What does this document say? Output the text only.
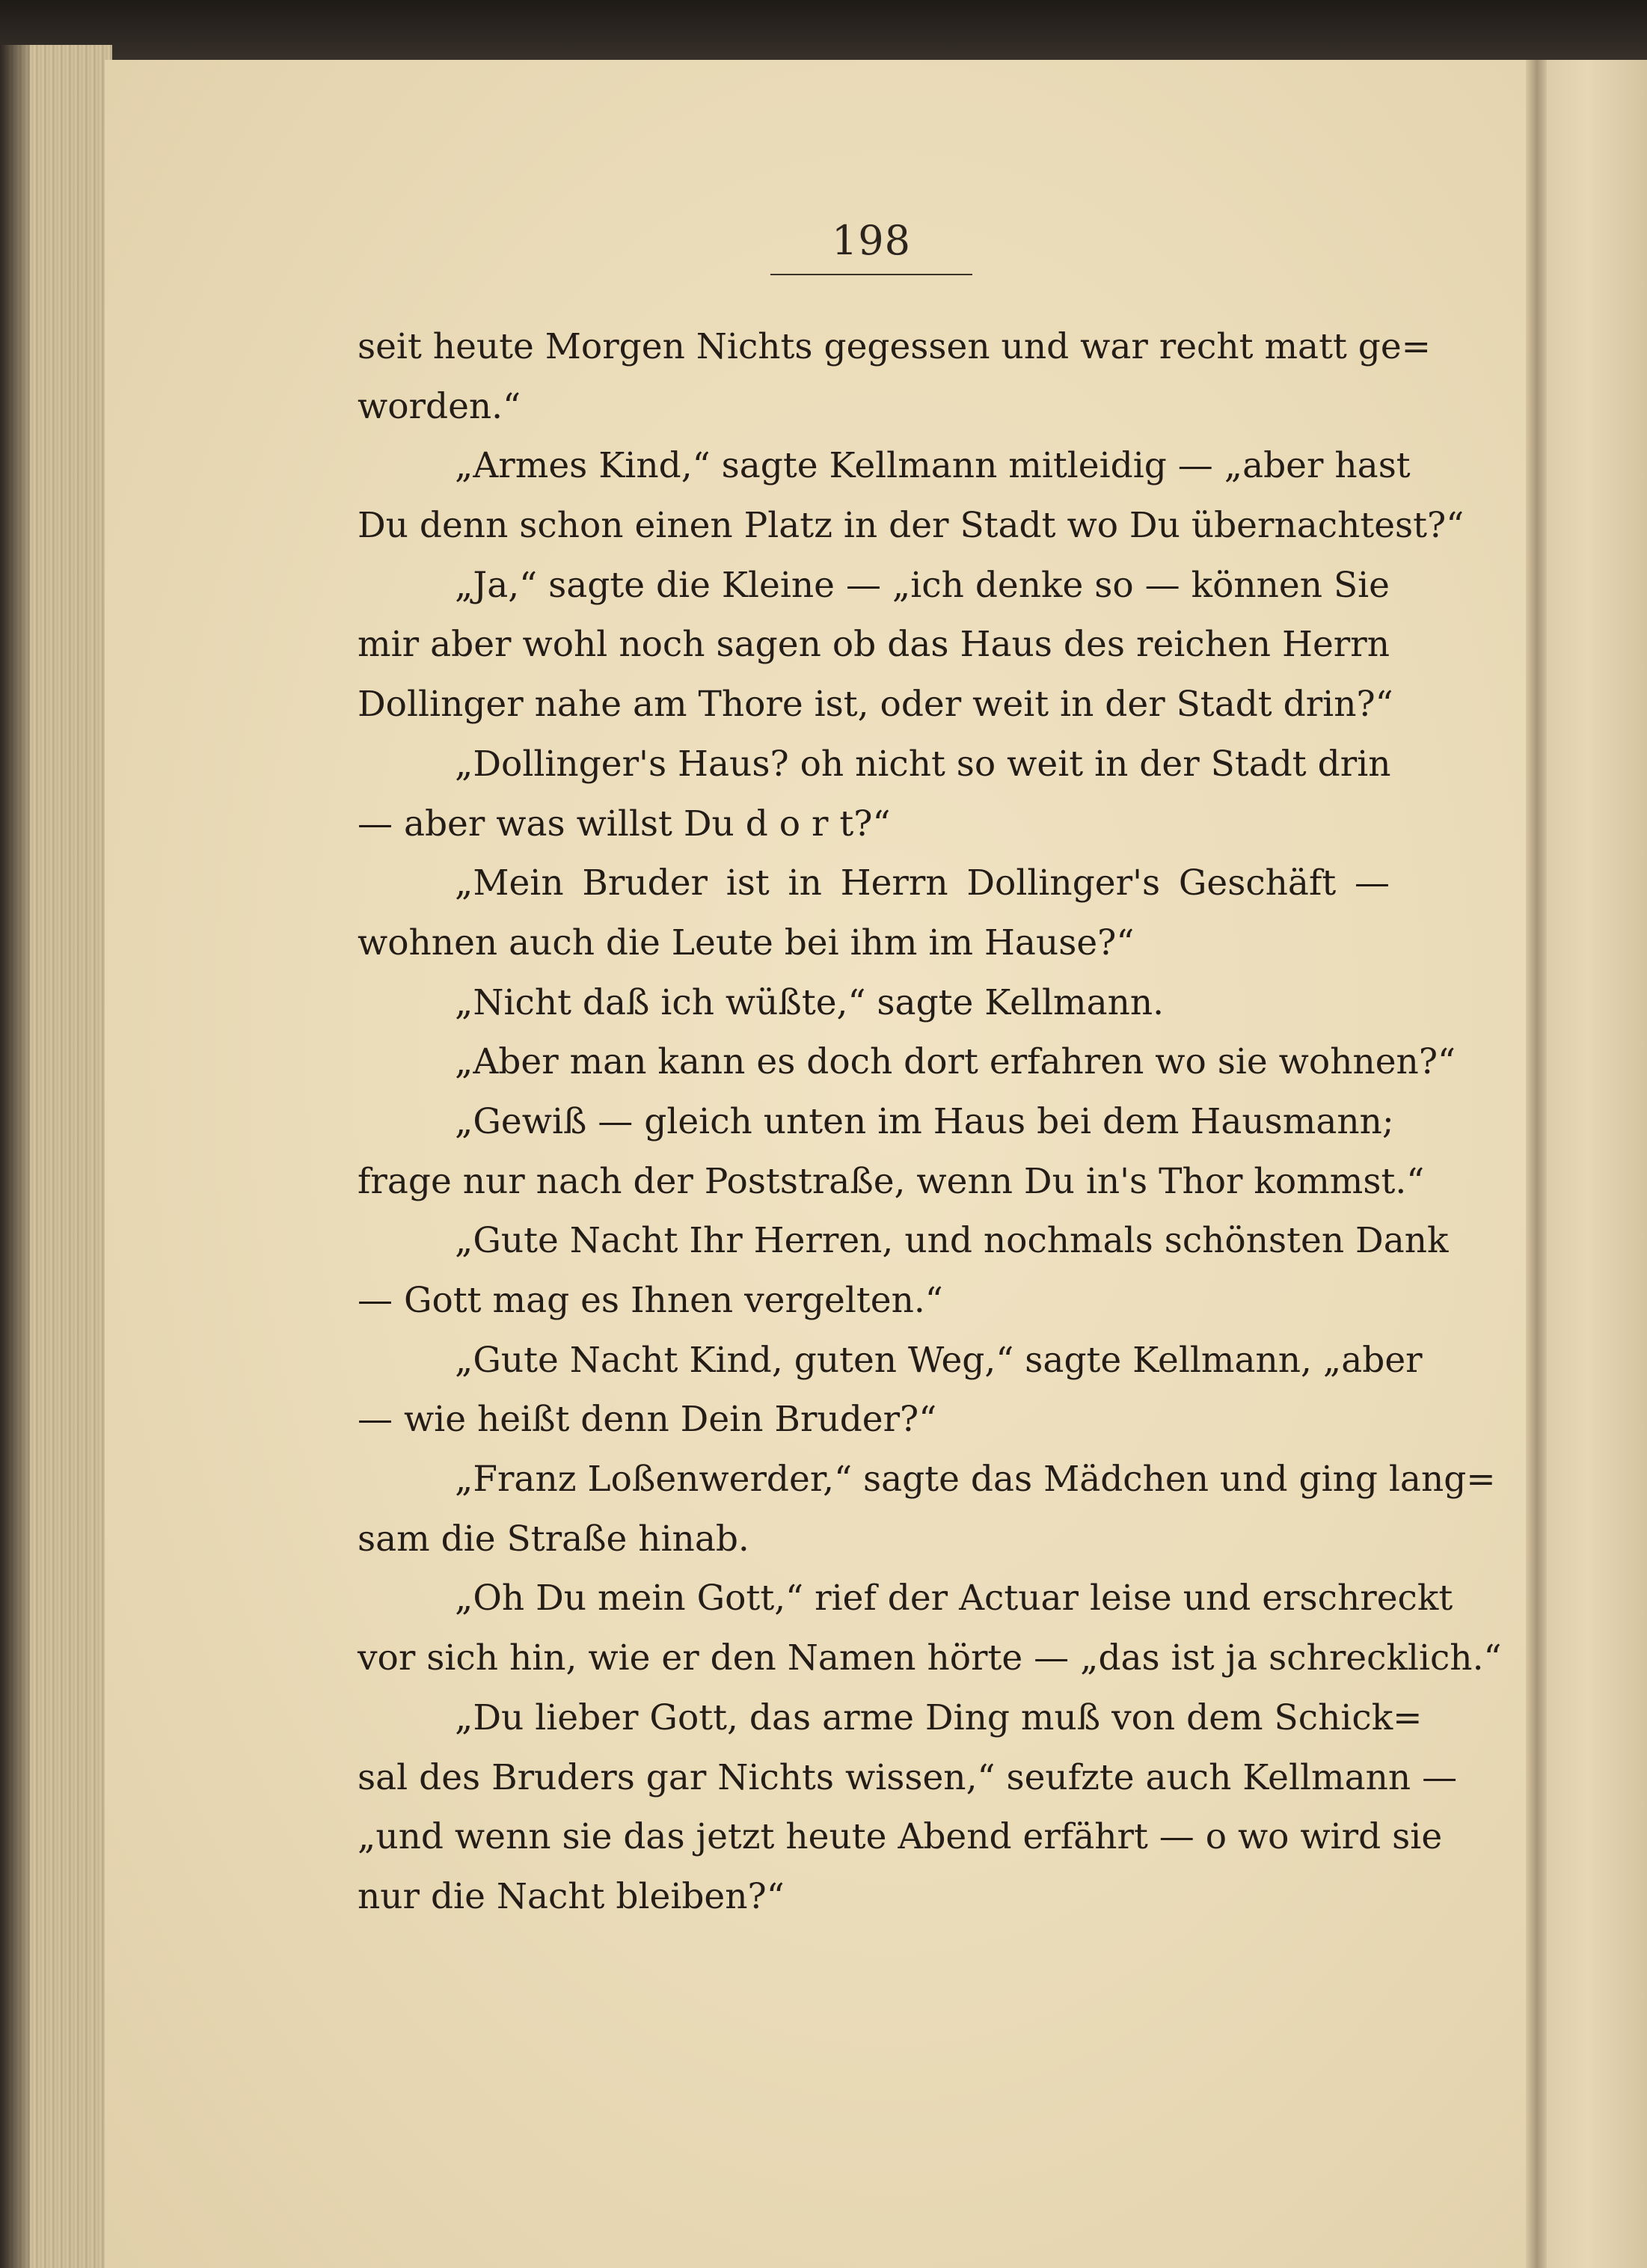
198
seit heute Morgen Nichts gegessen und war recht matt ge=
worden.“
„Armes Kind,“ sagte Kellmann mitleidig — „aber hast
Du denn schon einen Platz in der Stadt wo Du übernachtest?“
„Ja,“ sagte die Kleine — „ich denke so — können Sie
mir aber wohl noch sagen ob das Haus des reichen Herrn
Dollinger nahe am Thore ist, oder weit in der Stadt drin?“
„Dollinger's Haus? oh nicht so weit in der Stadt drin
— aber was willst Du d o r t?“
„Mein Bruder ist in Herrn Dollinger's Geschäft —
wohnen auch die Leute bei ihm im Hause?“
„Nicht daß ich wüßte,“ sagte Kellmann.
„Aber man kann es doch dort erfahren wo sie wohnen?“
„Gewiß — gleich unten im Haus bei dem Hausmann;
frage nur nach der Poststraße, wenn Du in's Thor kommst.“
„Gute Nacht Ihr Herren, und nochmals schönsten Dank
— Gott mag es Ihnen vergelten.“
„Gute Nacht Kind, guten Weg,“ sagte Kellmann, „aber
— wie heißt denn Dein Bruder?“
„Franz Loßenwerder,“ sagte das Mädchen und ging lang=
sam die Straße hinab.
„Oh Du mein Gott,“ rief der Actuar leise und erschreckt
vor sich hin, wie er den Namen hörte — „das ist ja schrecklich.“
„Du lieber Gott, das arme Ding muß von dem Schick=
sal des Bruders gar Nichts wissen,“ seufzte auch Kellmann —
„und wenn sie das jetzt heute Abend erfährt — o wo wird sie
nur die Nacht bleiben?“
